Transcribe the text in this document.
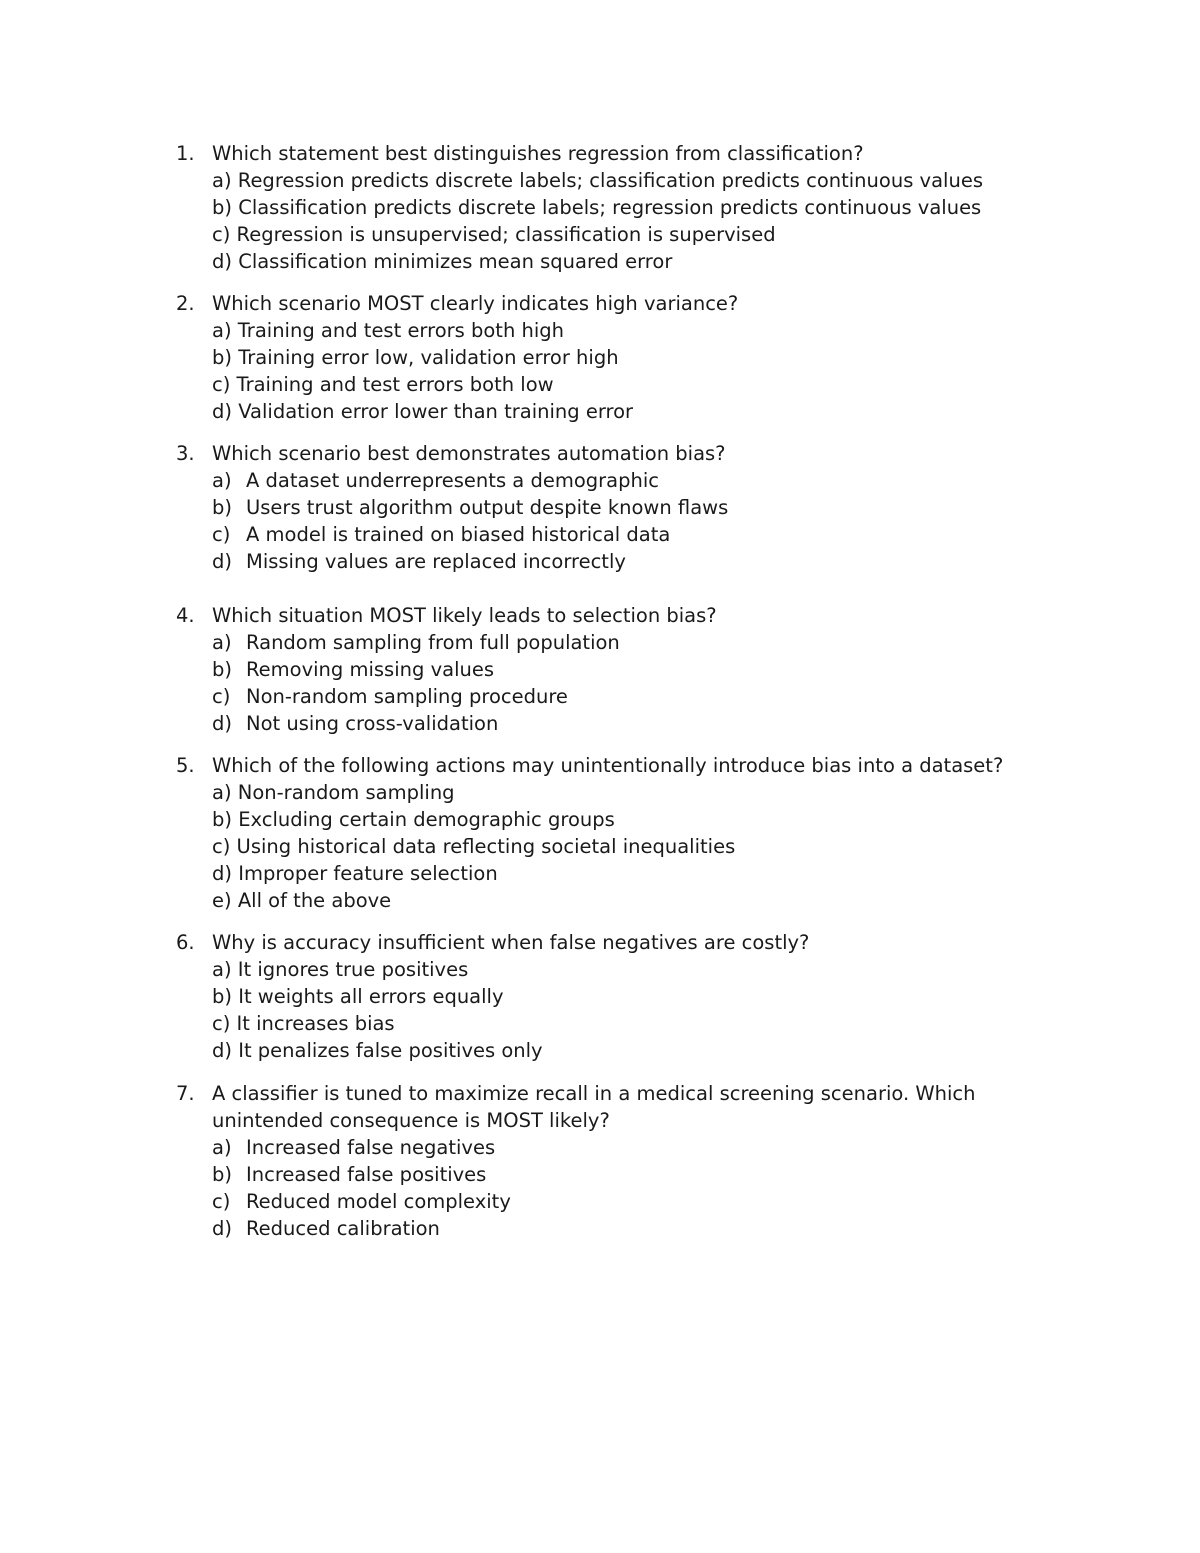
1. Which statement best distinguishes regression from classification?
a) Regression predicts discrete labels; classification predicts continuous values
b) Classification predicts discrete labels; regression predicts continuous values
c) Regression is unsupervised; classification is supervised
d) Classification minimizes mean squared error
2. Which scenario MOST clearly indicates high variance?
a) Training and test errors both high
b) Training error low, validation error high
c) Training and test errors both low
d) Validation error lower than training error
3. Which scenario best demonstrates automation bias?
a) A dataset underrepresents a demographic
b) Users trust algorithm output despite known flaws
c) A model is trained on biased historical data
d) Missing values are replaced incorrectly
4. Which situation MOST likely leads to selection bias?
a) Random sampling from full population
b) Removing missing values
c) Non-random sampling procedure
d) Not using cross-validation
5. Which of the following actions may unintentionally introduce bias into a dataset?
a) Non-random sampling
b) Excluding certain demographic groups
c) Using historical data reflecting societal inequalities
d) Improper feature selection
e) All of the above
6. Why is accuracy insufficient when false negatives are costly?
a) It ignores true positives
b) It weights all errors equally
c) It increases bias
d) It penalizes false positives only
7. A classifier is tuned to maximize recall in a medical screening scenario. Which unintended consequence is MOST likely?
a) Increased false negatives
b) Increased false positives
c) Reduced model complexity
d) Reduced calibration
